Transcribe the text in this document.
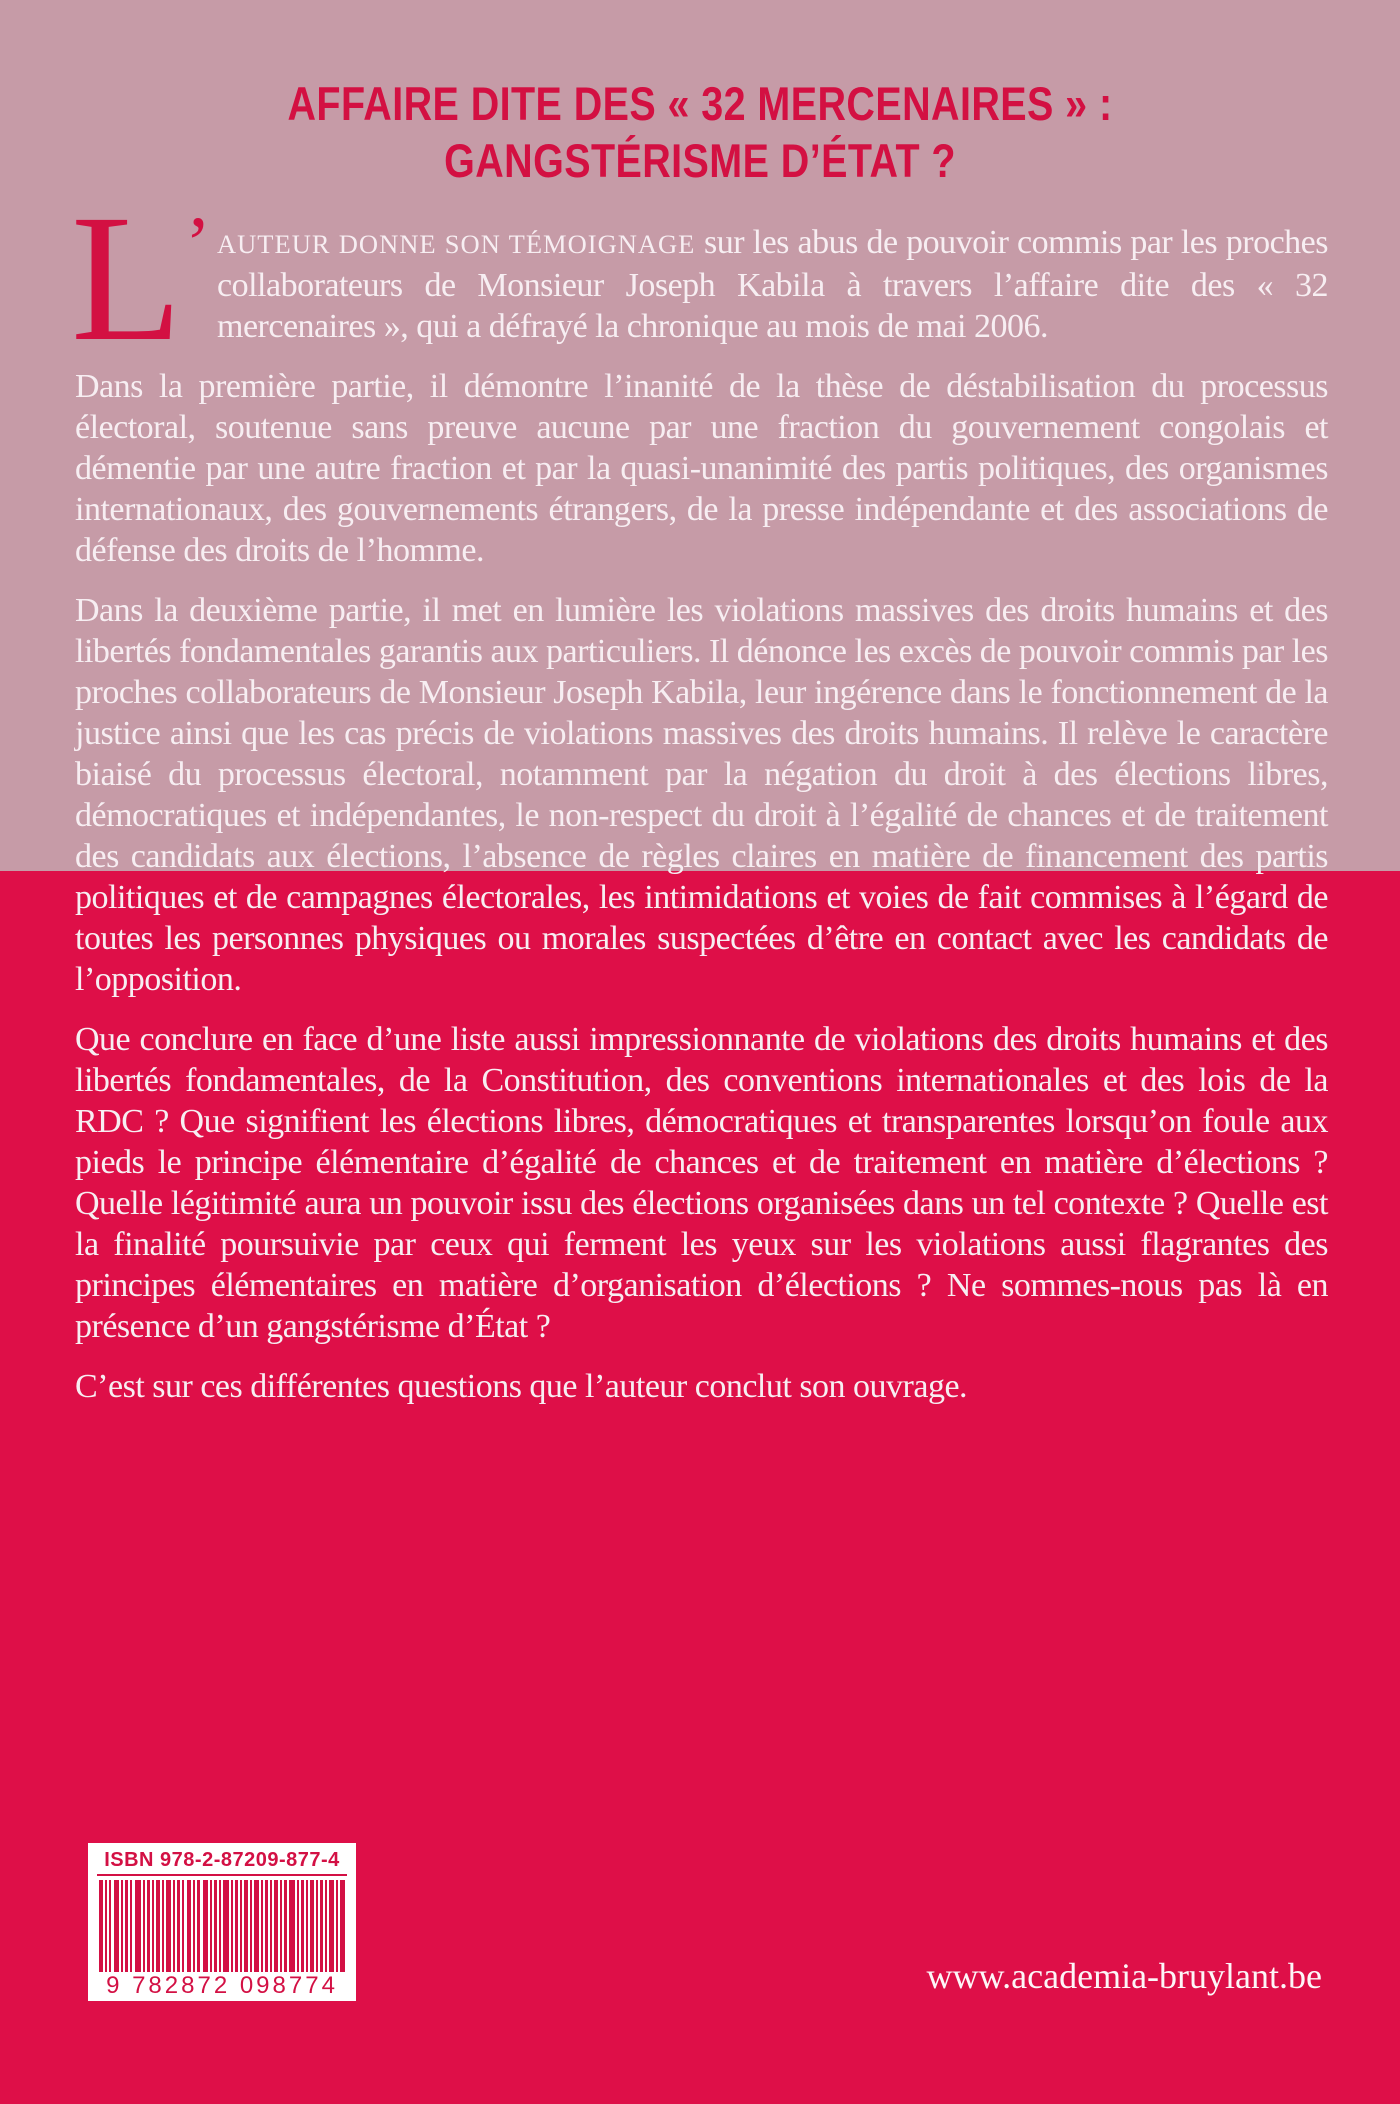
AFFAIRE DITE DES « 32 MERCENAIRES » :
GANGSTÉRISME D’ÉTAT ?

L’ AUTEUR DONNE SON TÉMOIGNAGE sur les abus de pouvoir commis par les proches collaborateurs de Monsieur Joseph Kabila à travers l’affaire dite des « 32 mercenaires », qui a défrayé la chronique au mois de mai 2006.

Dans la première partie, il démontre l’inanité de la thèse de déstabilisation du processus électoral, soutenue sans preuve aucune par une fraction du gouvernement congolais et démentie par une autre fraction et par la quasi-unanimité des partis politiques, des organismes internationaux, des gouvernements étrangers, de la presse indépendante et des associations de défense des droits de l’homme.

Dans la deuxième partie, il met en lumière les violations massives des droits humains et des libertés fondamentales garantis aux particuliers. Il dénonce les excès de pouvoir commis par les proches collaborateurs de Monsieur Joseph Kabila, leur ingérence dans le fonctionnement de la justice ainsi que les cas précis de violations massives des droits humains. Il relève le caractère biaisé du processus électoral, notamment par la négation du droit à des élections libres, démocratiques et indépendantes, le non-respect du droit à l’égalité de chances et de traitement des candidats aux élections, l’absence de règles claires en matière de financement des partis politiques et de campagnes électorales, les intimidations et voies de fait commises à l’égard de toutes les personnes physiques ou morales suspectées d’être en contact avec les candidats de l’opposition.

Que conclure en face d’une liste aussi impressionnante de violations des droits humains et des libertés fondamentales, de la Constitution, des conventions internationales et des lois de la RDC ? Que signifient les élections libres, démocratiques et transparentes lorsqu’on foule aux pieds le principe élémentaire d’égalité de chances et de traitement en matière d’élections ? Quelle légitimité aura un pouvoir issu des élections organisées dans un tel contexte ? Quelle est la finalité poursuivie par ceux qui ferment les yeux sur les violations aussi flagrantes des principes élémentaires en matière d’organisation d’élections ? Ne sommes-nous pas là en présence d’un gangstérisme d’État ?

C’est sur ces différentes questions que l’auteur conclut son ouvrage.

ISBN 978-2-87209-877-4
9 782872 098774	www.academia-bruylant.be
